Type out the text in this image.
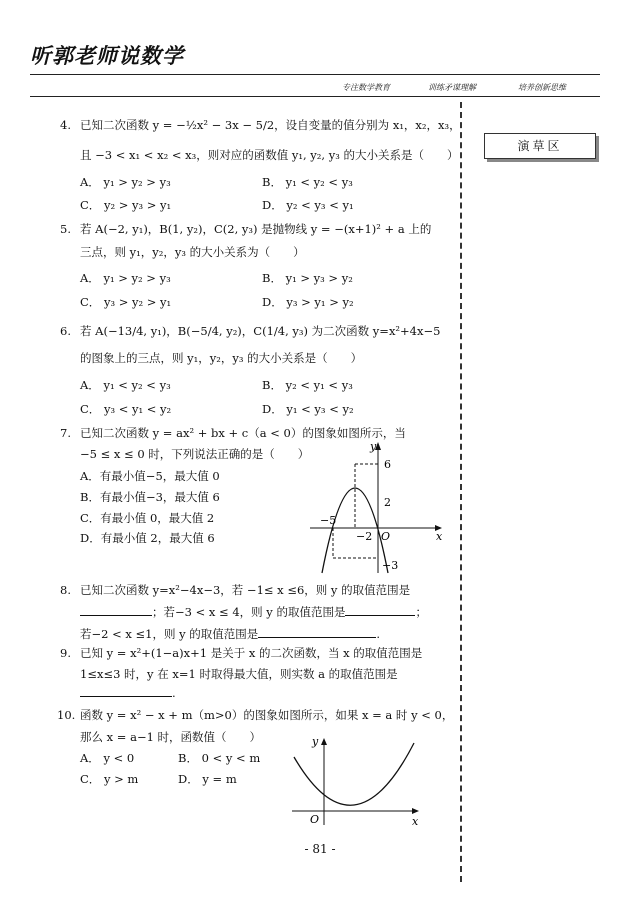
听郭老师说数学
专注数学教育	训练矛谋理解	培养创新思维
演草区
4. 已知二次函数 y = −½x² − 3x − 5/2，设自变量的值分别为 x₁，x₂，x₃，
且 −3 < x₁ < x₂ < x₃，则对应的函数值 y₁, y₂, y₃ 的大小关系是（　　）
A． y₁ > y₂ > y₃	B． y₁ < y₂ < y₃
C． y₂ > y₃ > y₁	D． y₂ < y₃ < y₁
5. 若 A(−2, y₁)，B(1, y₂)，C(2, y₃) 是抛物线 y = −(x+1)² + a 上的
三点，则 y₁，y₂，y₃ 的大小关系为（　　）
A． y₁ > y₂ > y₃	B． y₁ > y₃ > y₂
C． y₃ > y₂ > y₁	D． y₃ > y₁ > y₂
6. 若 A(−13/4, y₁)，B(−5/4, y₂)，C(1/4, y₃) 为二次函数 y=x²+4x−5
的图象上的三点，则 y₁，y₂，y₃ 的大小关系是（　　）
A． y₁ < y₂ < y₃	B． y₂ < y₁ < y₃
C． y₃ < y₁ < y₂	D． y₁ < y₃ < y₂
7. 已知二次函数 y = ax² + bx + c（a < 0）的图象如图所示，当
−5 ≤ x ≤ 0 时，下列说法正确的是（　　）
A．有最小值−5，最大值 0
B．有最小值−3，最大值 6
C．有最小值 0，最大值 2
D．有最小值 2，最大值 6
y
x
O
6
2
−5
−2
−3
8. 已知二次函数 y=x²−4x−3，若 −1≤ x ≤6，则 y 的取值范围是
；若−3 < x ≤ 4，则 y 的取值范围是	；
若−2 < x ≤1，则 y 的取值范围是	.
9. 已知 y = x²+(1−a)x+1 是关于 x 的二次函数，当 x 的取值范围是
1≤x≤3 时，y 在 x=1 时取得最大值，则实数 a 的取值范围是
.
10. 函数 y = x² − x + m（m>0）的图象如图所示，如果 x = a 时 y < 0，
那么 x = a−1 时，函数值（　　）
A． y < 0	B． 0 < y < m
C． y > m	D． y = m
y
x
O
- 81 -
